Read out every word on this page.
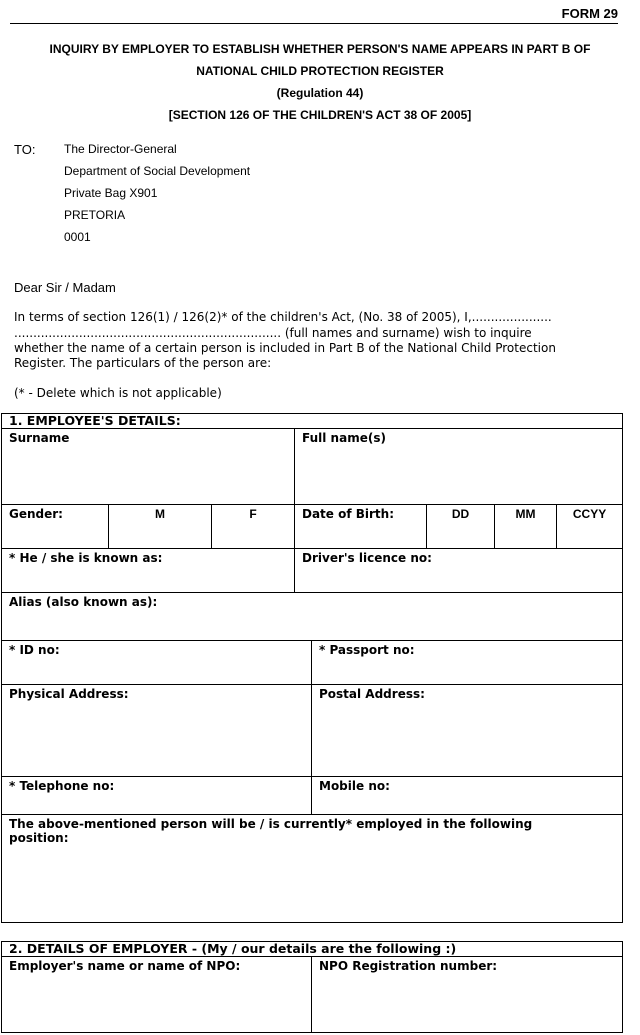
FORM 29
INQUIRY BY EMPLOYER TO ESTABLISH WHETHER PERSON'S NAME APPEARS IN PART B OF
NATIONAL CHILD PROTECTION REGISTER
(Regulation 44)
[SECTION 126 OF THE CHILDREN'S ACT 38 OF 2005]
TO: The Director-General
Department of Social Development
Private Bag X901
PRETORIA
0001
Dear Sir / Madam
In terms of section 126(1) / 126(2)* of the children's Act, (No. 38 of 2005), I,.....................
...................................................................... (full names and surname) wish to inquire
whether the name of a certain person is included in Part B of the National Child Protection
Register. The particulars of the person are:
(* - Delete which is not applicable)
1. EMPLOYEE'S DETAILS:							
Surname			Full name(s)				
Gender:	M	F	Date of Birth:		DD	MM	CCYY
* He / she is known as:			Driver's licence no:				
Alias (also known as):							
* ID no:				* Passport no:			
Physical Address:				Postal Address:			
* Telephone no:				Mobile no:			

The above-mentioned person will be / is currently* employed in the following
position:							
2. DETAILS OF EMPLOYER - (My / our details are the following :)
Employer's name or name of NPO:	NPO Registration number:
